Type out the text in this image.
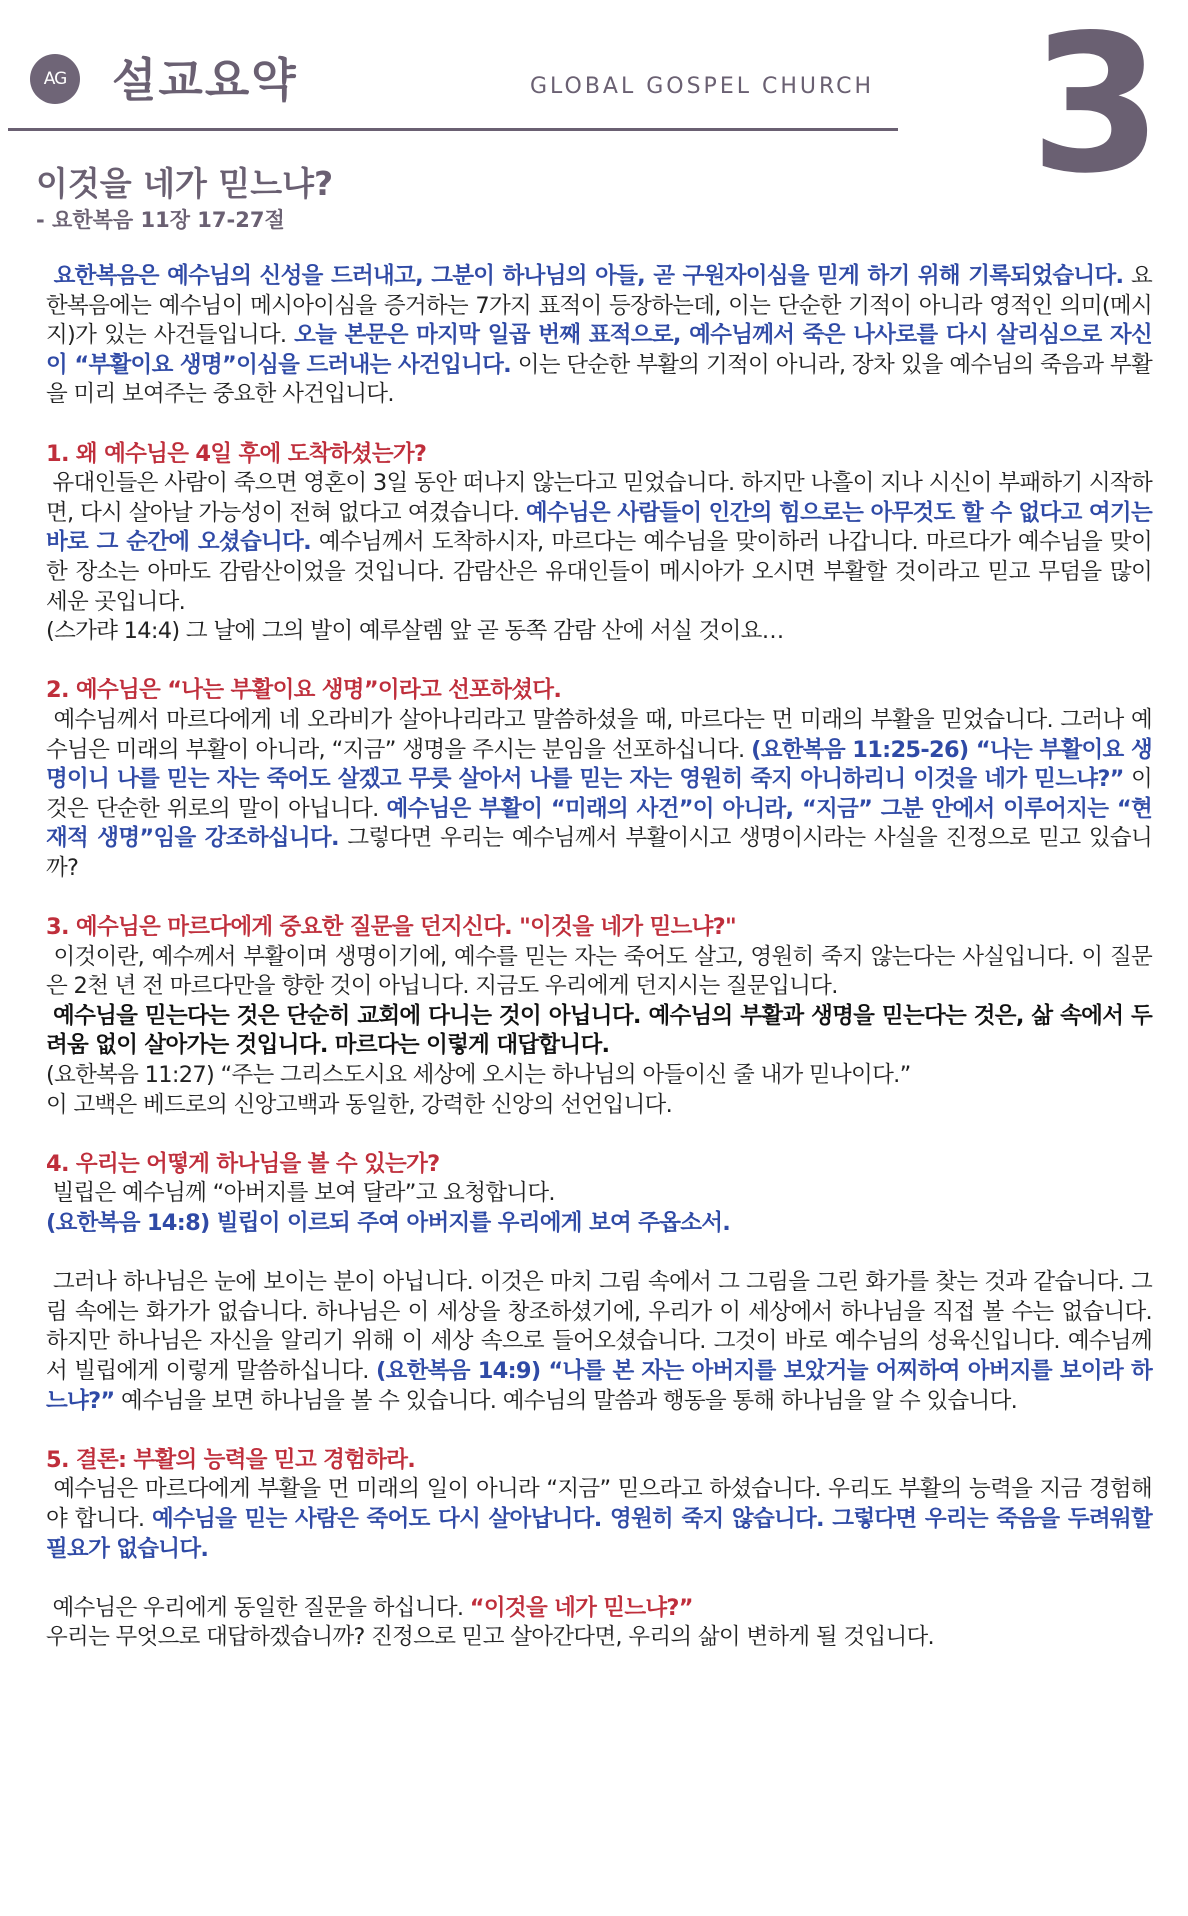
AG 설교요약	GLOBAL GOSPEL CHURCH 3
이것을 네가 믿느냐?
- 요한복음 11장 17-27절

요한복음은 예수님의 신성을 드러내고, 그분이 하나님의 아들, 곧 구원자이심을 믿게 하기 위해 기록되었습니다. 요한복음에는 예수님이 메시아이심을 증거하는 7가지 표적이 등장하는데, 이는 단순한 기적이 아니라 영적인 의미(메시지)가 있는 사건들입니다. 오늘 본문은 마지막 일곱 번째 표적으로, 예수님께서 죽은 나사로를 다시 살리심으로 자신이 “부활이요 생명”이심을 드러내는 사건입니다. 이는 단순한 부활의 기적이 아니라, 장차 있을 예수님의 죽음과 부활을 미리 보여주는 중요한 사건입니다.

1. 왜 예수님은 4일 후에 도착하셨는가?

유대인들은 사람이 죽으면 영혼이 3일 동안 떠나지 않는다고 믿었습니다. 하지만 나흘이 지나 시신이 부패하기 시작하면, 다시 살아날 가능성이 전혀 없다고 여겼습니다. 예수님은 사람들이 인간의 힘으로는 아무것도 할 수 없다고 여기는 바로 그 순간에 오셨습니다. 예수님께서 도착하시자, 마르다는 예수님을 맞이하러 나갑니다. 마르다가 예수님을 맞이한 장소는 아마도 감람산이었을 것입니다. 감람산은 유대인들이 메시아가 오시면 부활할 것이라고 믿고 무덤을 많이 세운 곳입니다.

(스가랴 14:4) 그 날에 그의 발이 예루살렘 앞 곧 동쪽 감람 산에 서실 것이요…

2. 예수님은 “나는 부활이요 생명”이라고 선포하셨다.

예수님께서 마르다에게 네 오라비가 살아나리라고 말씀하셨을 때, 마르다는 먼 미래의 부활을 믿었습니다. 그러나 예수님은 미래의 부활이 아니라, “지금” 생명을 주시는 분임을 선포하십니다. (요한복음 11:25-26) “나는 부활이요 생명이니 나를 믿는 자는 죽어도 살겠고 무릇 살아서 나를 믿는 자는 영원히 죽지 아니하리니 이것을 네가 믿느냐?” 이것은 단순한 위로의 말이 아닙니다. 예수님은 부활이 “미래의 사건”이 아니라, “지금” 그분 안에서 이루어지는 “현재적 생명”임을 강조하십니다. 그렇다면 우리는 예수님께서 부활이시고 생명이시라는 사실을 진정으로 믿고 있습니까?

3. 예수님은 마르다에게 중요한 질문을 던지신다. "이것을 네가 믿느냐?"

이것이란, 예수께서 부활이며 생명이기에, 예수를 믿는 자는 죽어도 살고, 영원히 죽지 않는다는 사실입니다. 이 질문은 2천 년 전 마르다만을 향한 것이 아닙니다. 지금도 우리에게 던지시는 질문입니다.

예수님을 믿는다는 것은 단순히 교회에 다니는 것이 아닙니다. 예수님의 부활과 생명을 믿는다는 것은, 삶 속에서 두려움 없이 살아가는 것입니다. 마르다는 이렇게 대답합니다.

(요한복음 11:27) “주는 그리스도시요 세상에 오시는 하나님의 아들이신 줄 내가 믿나이다.”

이 고백은 베드로의 신앙고백과 동일한, 강력한 신앙의 선언입니다.

4. 우리는 어떻게 하나님을 볼 수 있는가?

빌립은 예수님께 “아버지를 보여 달라”고 요청합니다.

(요한복음 14:8) 빌립이 이르되 주여 아버지를 우리에게 보여 주옵소서.

그러나 하나님은 눈에 보이는 분이 아닙니다. 이것은 마치 그림 속에서 그 그림을 그린 화가를 찾는 것과 같습니다. 그림 속에는 화가가 없습니다. 하나님은 이 세상을 창조하셨기에, 우리가 이 세상에서 하나님을 직접 볼 수는 없습니다. 하지만 하나님은 자신을 알리기 위해 이 세상 속으로 들어오셨습니다. 그것이 바로 예수님의 성육신입니다. 예수님께서 빌립에게 이렇게 말씀하십니다. (요한복음 14:9) “나를 본 자는 아버지를 보았거늘 어찌하여 아버지를 보이라 하느냐?” 예수님을 보면 하나님을 볼 수 있습니다. 예수님의 말씀과 행동을 통해 하나님을 알 수 있습니다.

5. 결론: 부활의 능력을 믿고 경험하라.

예수님은 마르다에게 부활을 먼 미래의 일이 아니라 “지금” 믿으라고 하셨습니다. 우리도 부활의 능력을 지금 경험해야 합니다. 예수님을 믿는 사람은 죽어도 다시 살아납니다. 영원히 죽지 않습니다. 그렇다면 우리는 죽음을 두려워할 필요가 없습니다.

예수님은 우리에게 동일한 질문을 하십니다. “이것을 네가 믿느냐?”

우리는 무엇으로 대답하겠습니까? 진정으로 믿고 살아간다면, 우리의 삶이 변하게 될 것입니다.
